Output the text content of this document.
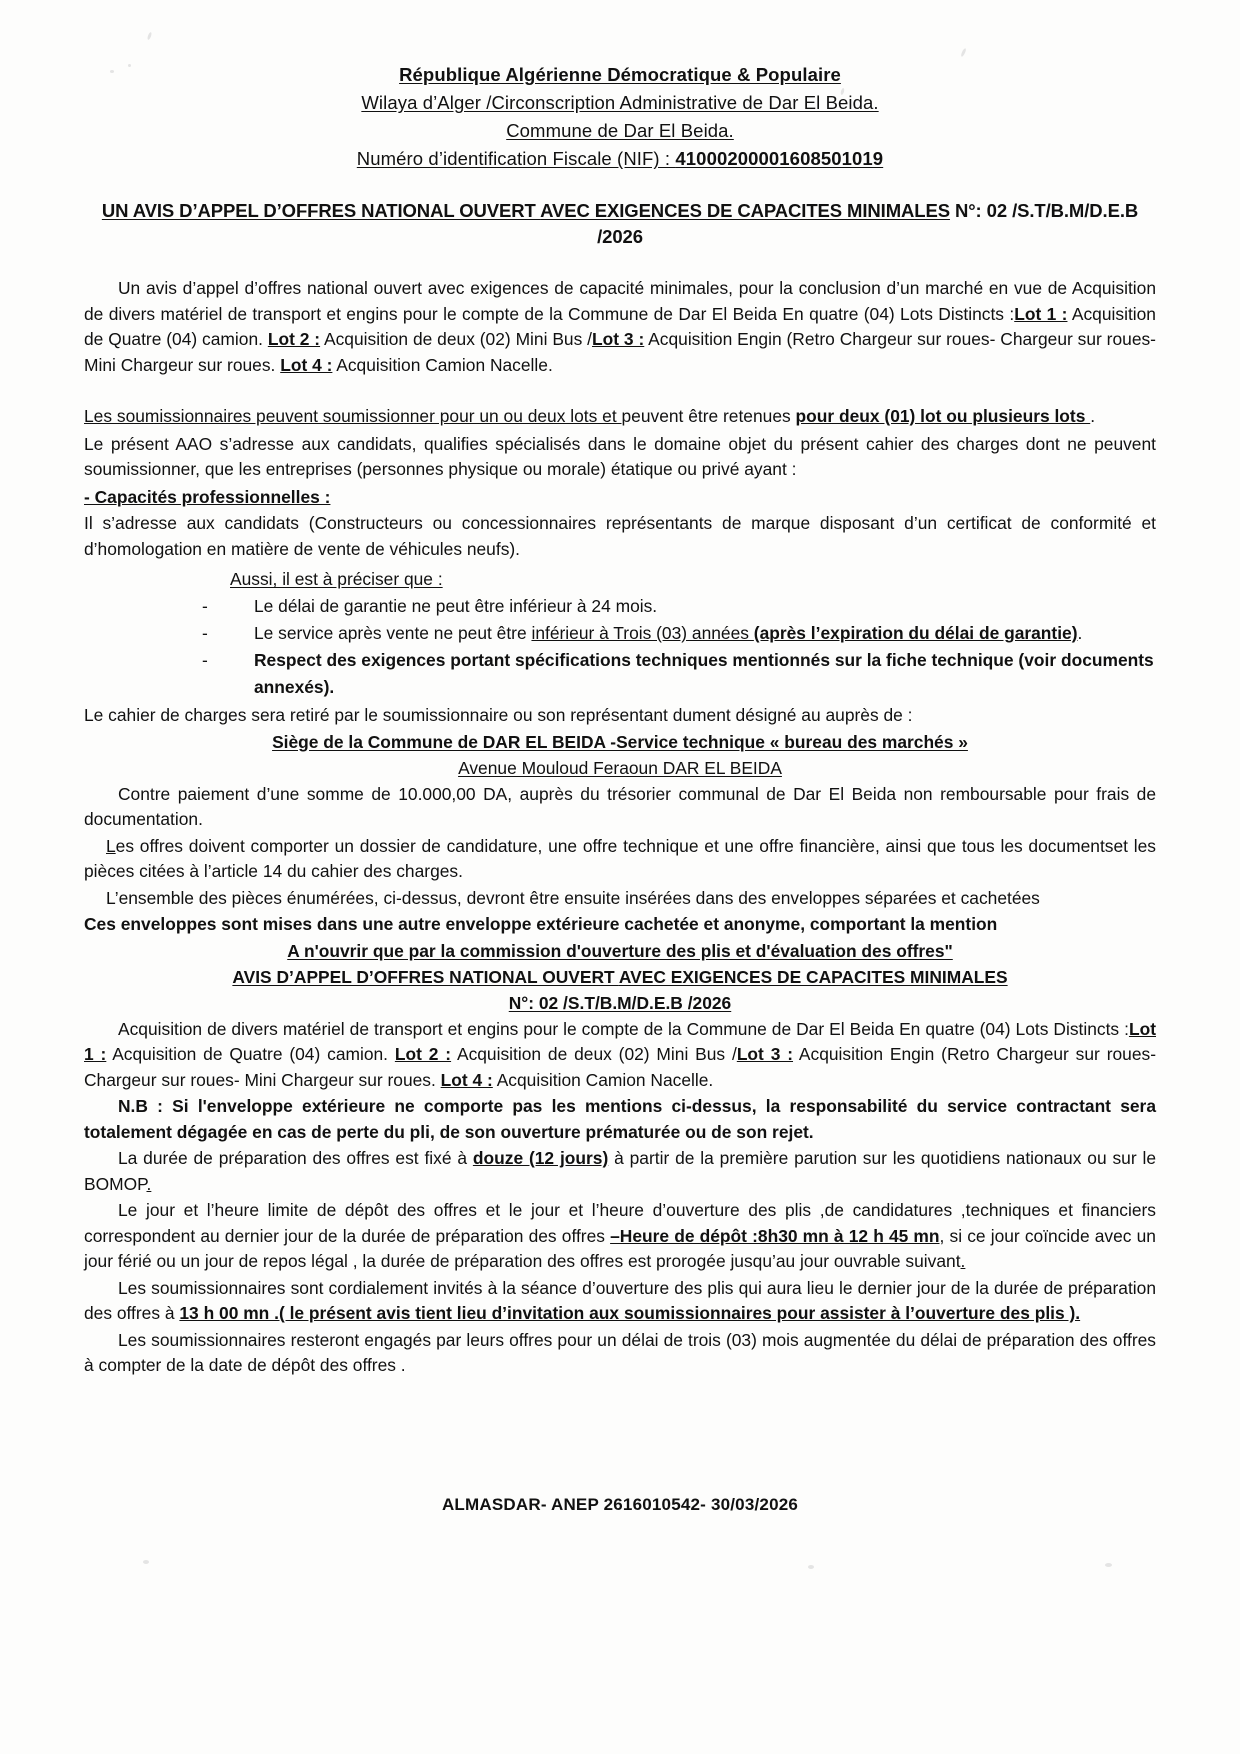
République Algérienne Démocratique & Populaire
Wilaya d’Alger /Circonscription Administrative de Dar El Beida.
Commune de Dar El Beida.
Numéro d’identification Fiscale (NIF) : 41000200001608501019
UN AVIS D’APPEL D’OFFRES NATIONAL OUVERT AVEC EXIGENCES DE CAPACITES MINIMALES N°: 02 /S.T/B.M/D.E.B /2026

Un avis d’appel d’offres national ouvert avec exigences de capacité minimales, pour la conclusion d’un marché en vue de Acquisition de divers matériel de transport et engins pour le compte de la Commune de Dar El Beida En quatre (04) Lots Distincts :Lot 1 : Acquisition de Quatre (04) camion. Lot 2 : Acquisition de deux (02) Mini Bus /Lot 3 : Acquisition Engin (Retro Chargeur sur roues- Chargeur sur roues- Mini Chargeur sur roues. Lot 4 : Acquisition Camion Nacelle.

Les soumissionnaires peuvent soumissionner pour un ou deux lots et peuvent être retenues pour deux (01) lot ou plusieurs lots .

Le présent AAO s’adresse aux candidats, qualifies spécialisés dans le domaine objet du présent cahier des charges dont ne peuvent soumissionner, que les entreprises (personnes physique ou morale) étatique ou privé ayant :

- Capacités professionnelles :

Il s’adresse aux candidats (Constructeurs ou concessionnaires représentants de marque disposant d’un certificat de conformité et d’homologation en matière de vente de véhicules neufs).

Aussi, il est à préciser que :

-	Le délai de garantie ne peut être inférieur à 24 mois.
-	Le service après vente ne peut être inférieur à Trois (03) années (après l’expiration du délai de garantie).
-	Respect des exigences portant spécifications techniques mentionnés sur la fiche technique (voir documents annexés).

Le cahier de charges sera retiré par le soumissionnaire ou son représentant dument désigné au auprès de :

Siège de la Commune de DAR EL BEIDA -Service technique « bureau des marchés »

Avenue Mouloud Feraoun DAR EL BEIDA

Contre paiement d’une somme de 10.000,00 DA, auprès du trésorier communal de Dar El Beida non remboursable pour frais de documentation.

Les offres doivent comporter un dossier de candidature, une offre technique et une offre financière, ainsi que tous les documentset les pièces citées à l’article 14 du cahier des charges.

L’ensemble des pièces énumérées, ci-dessus, devront être ensuite insérées dans des enveloppes séparées et cachetées

Ces enveloppes sont mises dans une autre enveloppe extérieure cachetée et anonyme, comportant la mention

A n'ouvrir que par la commission d'ouverture des plis et d'évaluation des offres"

AVIS D’APPEL D’OFFRES NATIONAL OUVERT AVEC EXIGENCES DE CAPACITES MINIMALES

N°: 02 /S.T/B.M/D.E.B /2026

Acquisition de divers matériel de transport et engins pour le compte de la Commune de Dar El Beida En quatre (04) Lots Distincts :Lot 1 : Acquisition de Quatre (04) camion. Lot 2 : Acquisition de deux (02) Mini Bus /Lot 3 : Acquisition Engin (Retro Chargeur sur roues- Chargeur sur roues- Mini Chargeur sur roues. Lot 4 : Acquisition Camion Nacelle.

N.B : Si l'enveloppe extérieure ne comporte pas les mentions ci-dessus, la responsabilité du service contractant sera totalement dégagée en cas de perte du pli, de son ouverture prématurée ou de son rejet.

La durée de préparation des offres est fixé à douze (12 jours) à partir de la première parution sur les quotidiens nationaux ou sur le BOMOP.

Le jour et l’heure limite de dépôt des offres et le jour et l’heure d’ouverture des plis ,de candidatures ,techniques et financiers correspondent au dernier jour de la durée de préparation des offres –Heure de dépôt :8h30 mn à 12 h 45 mn, si ce jour coïncide avec un jour férié ou un jour de repos légal , la durée de préparation des offres est prorogée jusqu’au jour ouvrable suivant.

Les soumissionnaires sont cordialement invités à la séance d’ouverture des plis qui aura lieu le dernier jour de la durée de préparation des offres à 13 h 00 mn .( le présent avis tient lieu d’invitation aux soumissionnaires pour assister à l’ouverture des plis ).

Les soumissionnaires resteront engagés par leurs offres pour un délai de trois (03) mois augmentée du délai de préparation des offres à compter de la date de dépôt des offres .

ALMASDAR- ANEP 2616010542- 30/03/2026
